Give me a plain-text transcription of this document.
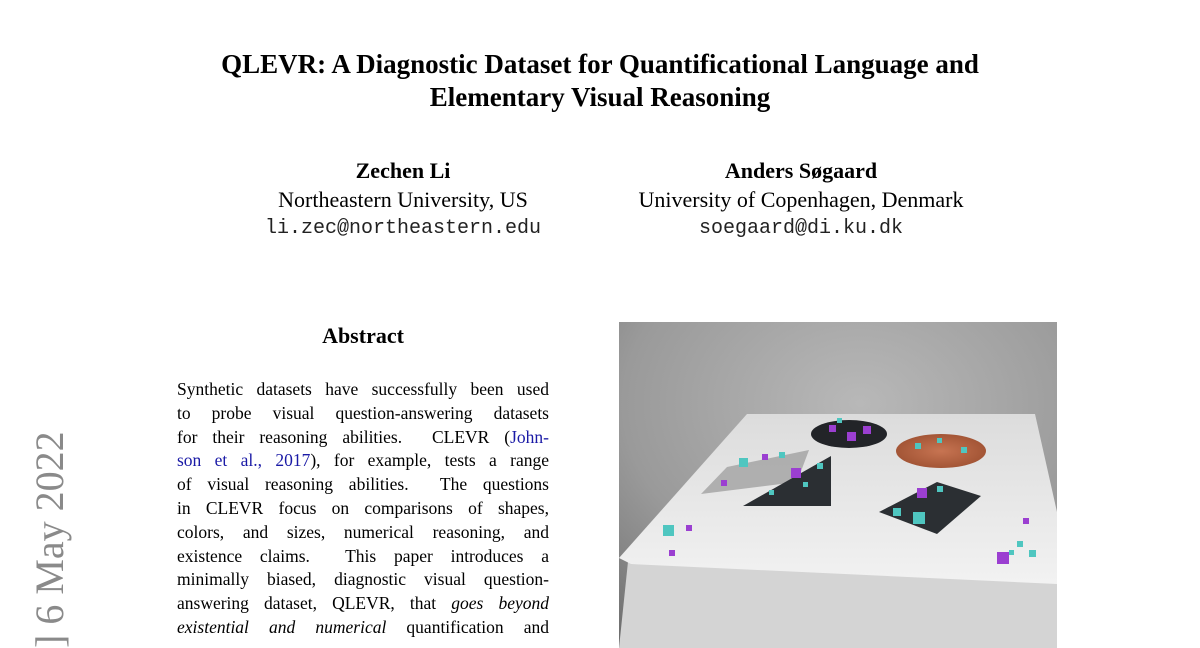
QLEVR: A Diagnostic Dataset for Quantificational Language and
Elementary Visual Reasoning
Zechen Li
Northeastern University, US
li.zec@northeastern.edu
Anders Søgaard
University of Copenhagen, Denmark
soegaard@di.ku.dk
] 6 May 2022
Abstract
Synthetic datasets have successfully been used
to probe visual question-answering datasets
for their reasoning abilities.  CLEVR (John-
son et al., 2017), for example, tests a range
of visual reasoning abilities.  The questions
in CLEVR focus on comparisons of shapes,
colors, and sizes, numerical reasoning, and
existence claims.  This paper introduces a
minimally biased, diagnostic visual question-
answering dataset, QLEVR, that goes beyond
existential and numerical quantification and
